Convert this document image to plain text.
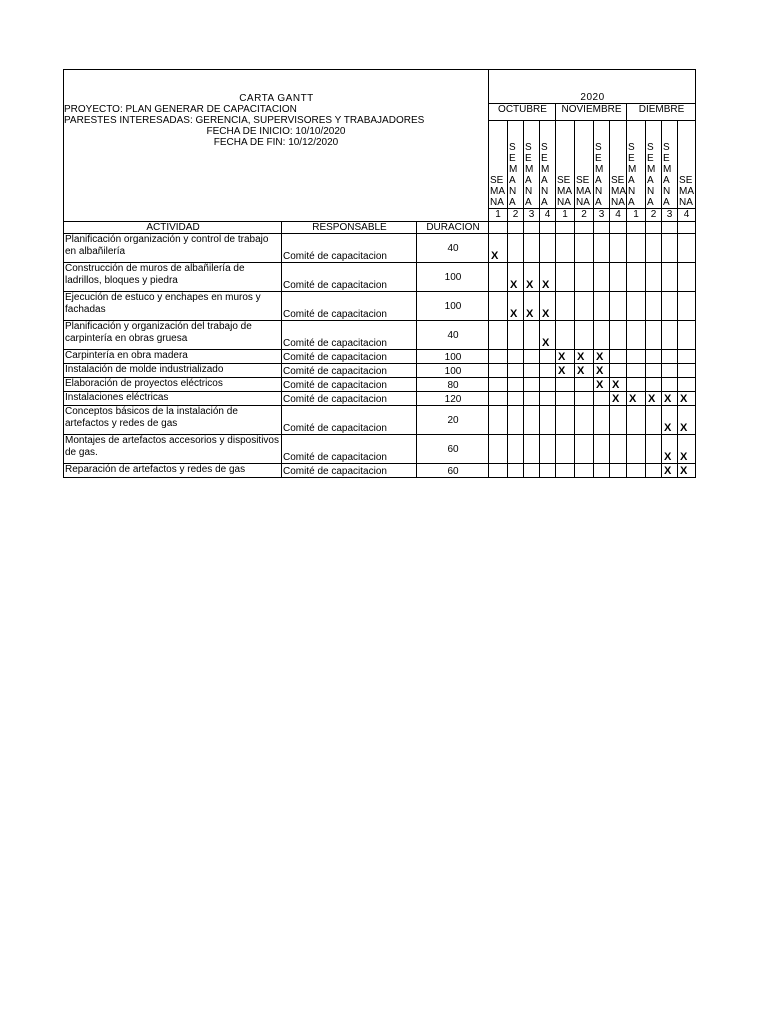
CARTA GANTT			2020											

PROYECTO: PLAN GENERAR DE CAPACITACION
PARESTES INTERESADAS: GERENCIA, SUPERVISORES Y TRABAJADORES
FECHA DE INICIO: 10/10/2020
FECHA DE FIN: 10/12/2020			OCTUBRE				NOVIEMBRE				DIEMBRE			
			SEMANA	SEMANA	SEMANA	SEMANA	SEMANA	SEMANA	SEMANA	SEMANA	SEMANA	SEMANA	SEMANA	SEMANA
			1	2	3	4	1	2	3	4	1	2	3	4
ACTIVIDAD	RESPONSABLE	DURACION												
Planificación organización y control de trabajo en albañilería	Comité de capacitacion	40	X											
Construcción de muros de albañilería de ladrillos, bloques y piedra	Comité de capacitacion	100		X	X	X								
Ejecución de estuco y enchapes en muros y fachadas	Comité de capacitacion	100		X	X	X								
Planificación y organización del trabajo de carpintería en obras gruesa	Comité de capacitacion	40				X								
Carpintería en obra madera	Comité de capacitacion	100					X	X	X					
Instalación de molde industrializado	Comité de capacitacion	100					X	X	X					
Elaboración de proyectos eléctricos	Comité de capacitacion	80							X	X				
Instalaciones eléctricas	Comité de capacitacion	120								X	X	X	X	X
Conceptos básicos de la instalación de artefactos y redes de gas	Comité de capacitacion	20											X	X
Montajes de artefactos accesorios y dispositivos de gas.	Comité de capacitacion	60											X	X
Reparación de artefactos y redes de gas	Comité de capacitacion	60											X	X
